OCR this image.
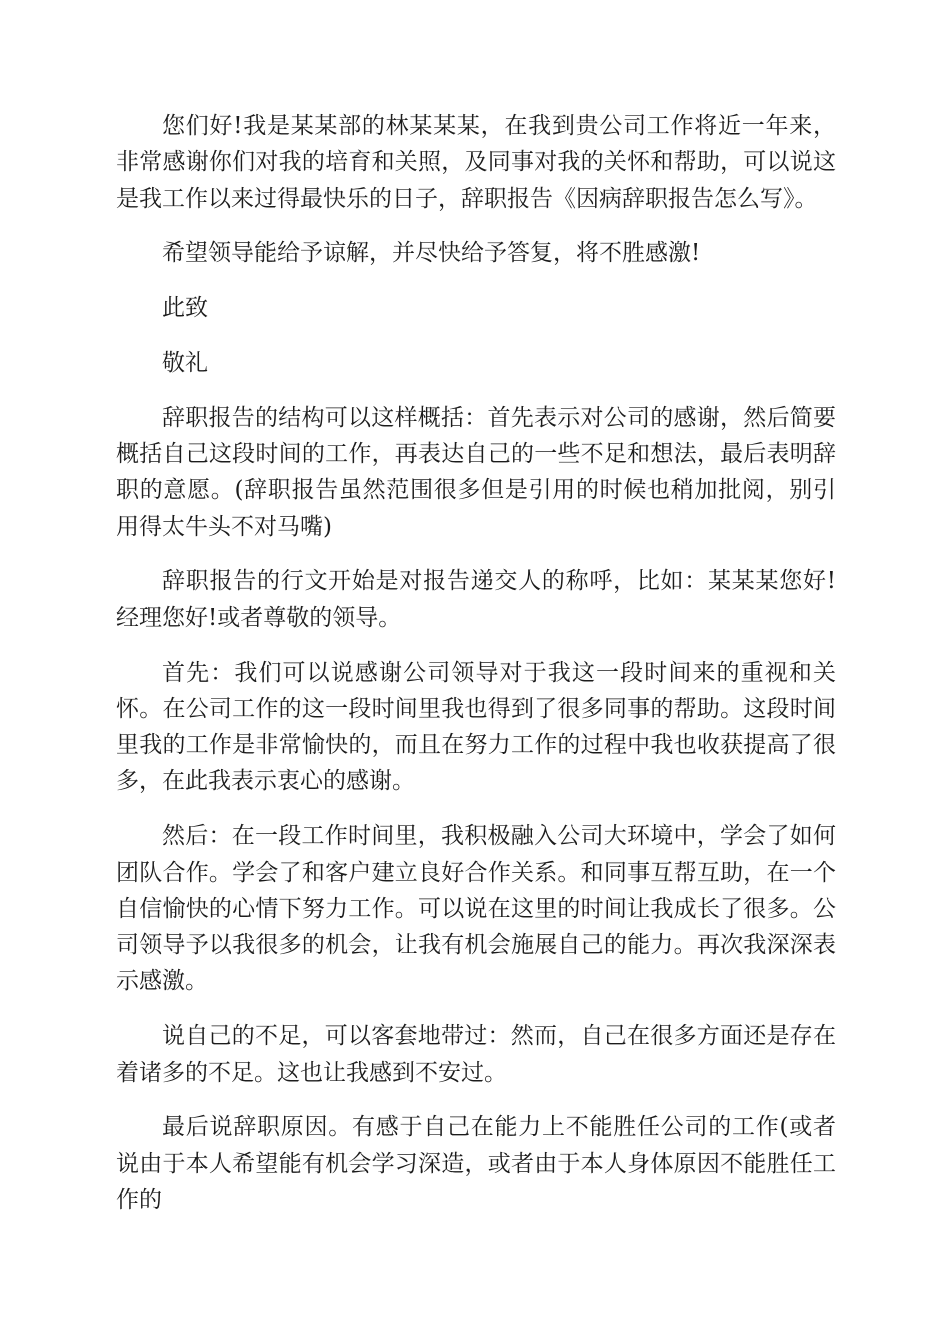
您们好!我是某某部的林某某某，在我到贵公司工作将近一年来，非常感谢你们对我的培育和关照，及同事对我的关怀和帮助，可以说这是我工作以来过得最快乐的日子，辞职报告《因病辞职报告怎么写》。

希望领导能给予谅解，并尽快给予答复，将不胜感激!

此致

敬礼

辞职报告的结构可以这样概括：首先表示对公司的感谢，然后简要概括自己这段时间的工作，再表达自己的一些不足和想法，最后表明辞职的意愿。(辞职报告虽然范围很多但是引用的时候也稍加批阅，别引用得太牛头不对马嘴)

辞职报告的行文开始是对报告递交人的称呼，比如：某某某您好!经理您好!或者尊敬的领导。

首先：我们可以说感谢公司领导对于我这一段时间来的重视和关怀。在公司工作的这一段时间里我也得到了很多同事的帮助。这段时间里我的工作是非常愉快的，而且在努力工作的过程中我也收获提高了很多，在此我表示衷心的感谢。

然后：在一段工作时间里，我积极融入公司大环境中，学会了如何团队合作。学会了和客户建立良好合作关系。和同事互帮互助，在一个自信愉快的心情下努力工作。可以说在这里的时间让我成长了很多。公司领导予以我很多的机会，让我有机会施展自己的能力。再次我深深表示感激。

说自己的不足，可以客套地带过：然而，自己在很多方面还是存在着诸多的不足。这也让我感到不安过。

最后说辞职原因。有感于自己在能力上不能胜任公司的工作(或者说由于本人希望能有机会学习深造，或者由于本人身体原因不能胜任工作的
